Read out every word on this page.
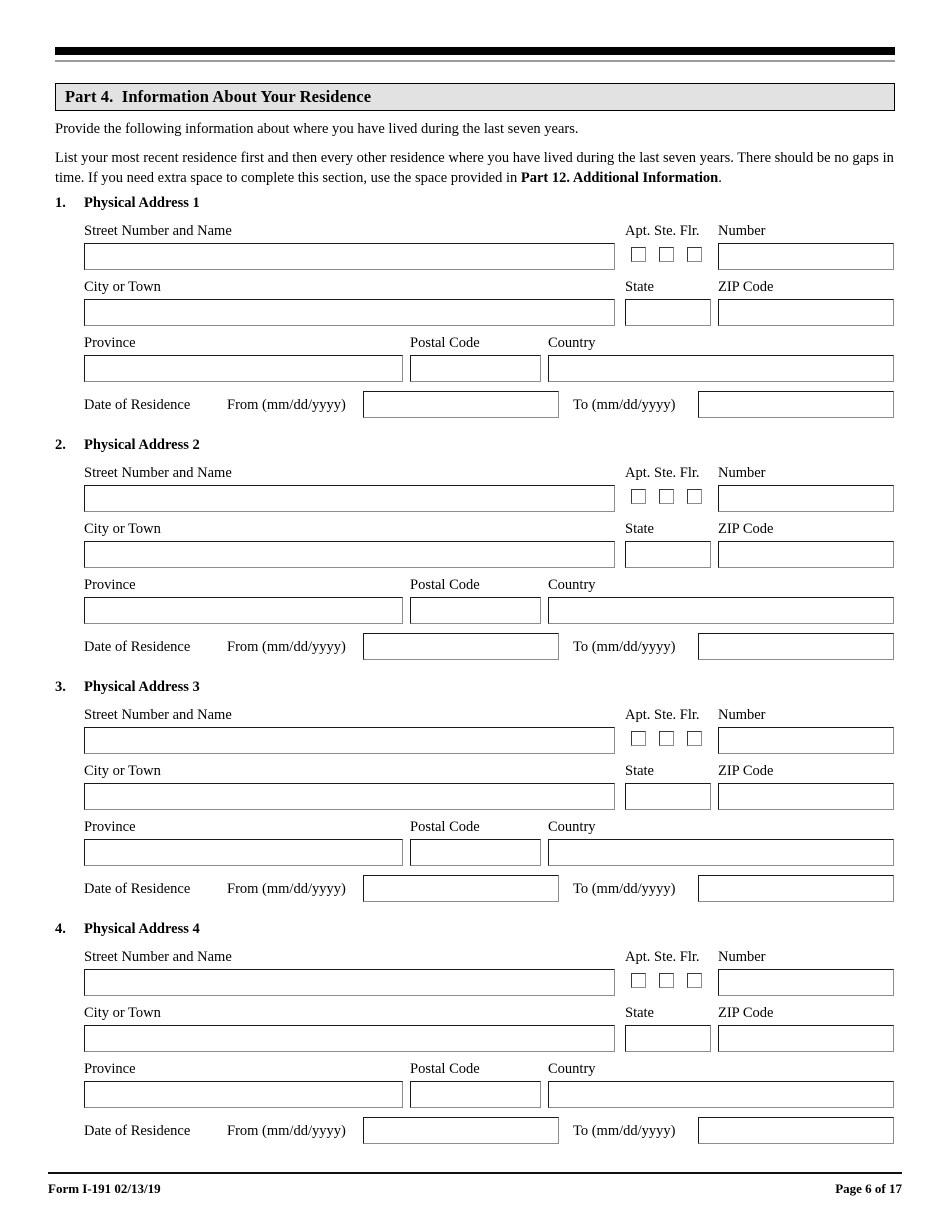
Part 4.  Information About Your Residence
Provide the following information about where you have lived during the last seven years.
List your most recent residence first and then every other residence where you have lived during the last seven years. There should be no gaps in time. If you need extra space to complete this section, use the space provided in Part 12. Additional Information.
1. Physical Address 1
Street Number and Name	Apt. Ste. Flr. Number
City or Town	State	ZIP Code
Province	Postal Code	Country
Date of Residence	From (mm/dd/yyyy)	To (mm/dd/yyyy)
2. Physical Address 2
Street Number and Name	Apt. Ste. Flr. Number
City or Town	State	ZIP Code
Province	Postal Code	Country
Date of Residence	From (mm/dd/yyyy)	To (mm/dd/yyyy)
3. Physical Address 3
Street Number and Name	Apt. Ste. Flr. Number
City or Town	State	ZIP Code
Province	Postal Code	Country
Date of Residence	From (mm/dd/yyyy)	To (mm/dd/yyyy)
4. Physical Address 4
Street Number and Name	Apt. Ste. Flr. Number
City or Town	State	ZIP Code
Province	Postal Code	Country
Date of Residence	From (mm/dd/yyyy)	To (mm/dd/yyyy)
Form I-191 02/13/19	Page 6 of 17
